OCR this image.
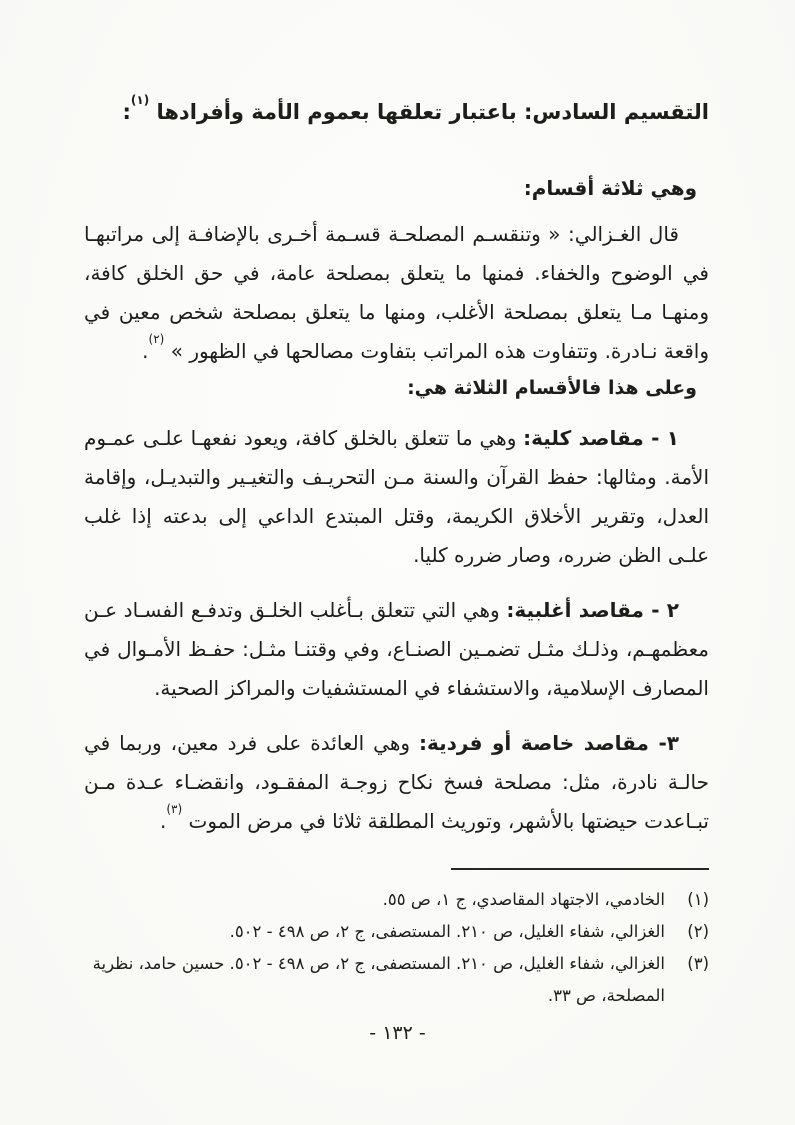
التقسيم السادس: باعتبار تعلقها بعموم الأمة وأفرادها $^{(١)}$:
وهي ثلاثة أقسام:

قال الغـزالي: « وتنقسـم المصلحـة قسـمة أخـرى بالإضافـة إلى مراتبهـا في الوضوح والخفاء. فمنها ما يتعلق بمصلحة عامة، في حق الخلق كافة، ومنهـا مـا يتعلق بمصلحة الأغلب، ومنها ما يتعلق بمصلحة شخص معين في واقعة نـادرة. وتتفاوت هذه المراتب بتفاوت مصالحها في الظهور » $^{(٢)}$.

وعلى هذا فالأقسام الثلاثة هي:

١ - مقاصد كلية: وهي ما تتعلق بالخلق كافة، ويعود نفعهـا علـى عمـوم الأمة. ومثالها: حفظ القرآن والسنة مـن التحريـف والتغيـير والتبديـل، وإقامة العدل، وتقرير الأخلاق الكريمة، وقتل المبتدع الداعي إلى بدعته إذا غلب علـى الظن ضرره، وصار ضرره كليا.

٢ - مقاصد أغلبية: وهي التي تتعلق بـأغلب الخلـق وتدفـع الفسـاد عـن معظمهـم، وذلـك مثـل تضمـين الصنـاع، وفي وقتنـا مثـل: حفـظ الأمـوال في المصارف الإسلامية، والاستشفاء في المستشفيات والمراكز الصحية.

٣- مقاصد خاصة أو فردية: وهي العائدة على فرد معين، وربما في حالـة نادرة، مثل: مصلحة فسخ نكاح زوجـة المفقـود، وانقضـاء عـدة مـن تبـاعدت حيضتها بالأشهر، وتوريث المطلقة ثلاثا في مرض الموت $^{(٣)}$.

(١)
الخادمي، الاجتهاد المقاصدي، ج ١، ص ٥٥.
(٢)
الغزالي، شفاء الغليل، ص ٢١٠. المستصفى، ج ٢، ص ٤٩٨ - ٥٠٢.
(٣)
الغزالي، شفاء الغليل، ص ٢١٠. المستصفى، ج ٢، ص ٤٩٨ - ٥٠٢. حسين حامد، نظرية المصلحة، ص ٣٣.
- ١٣٢ -
